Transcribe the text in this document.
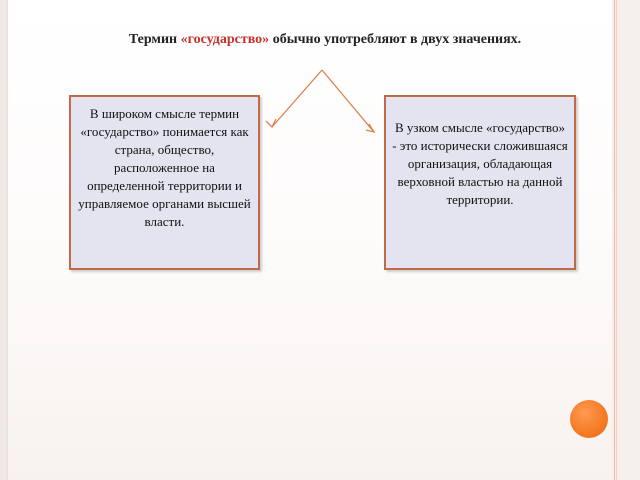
Термин «государство» обычно употребляют в двух значениях.
В широком смысле термин «государство» понимается как страна, общество, расположенное на определенной территории и управляемое органами высшей власти.
В узком смысле «государство» - это исторически сложившаяся организация, обладающая верховной властью на данной территории.
